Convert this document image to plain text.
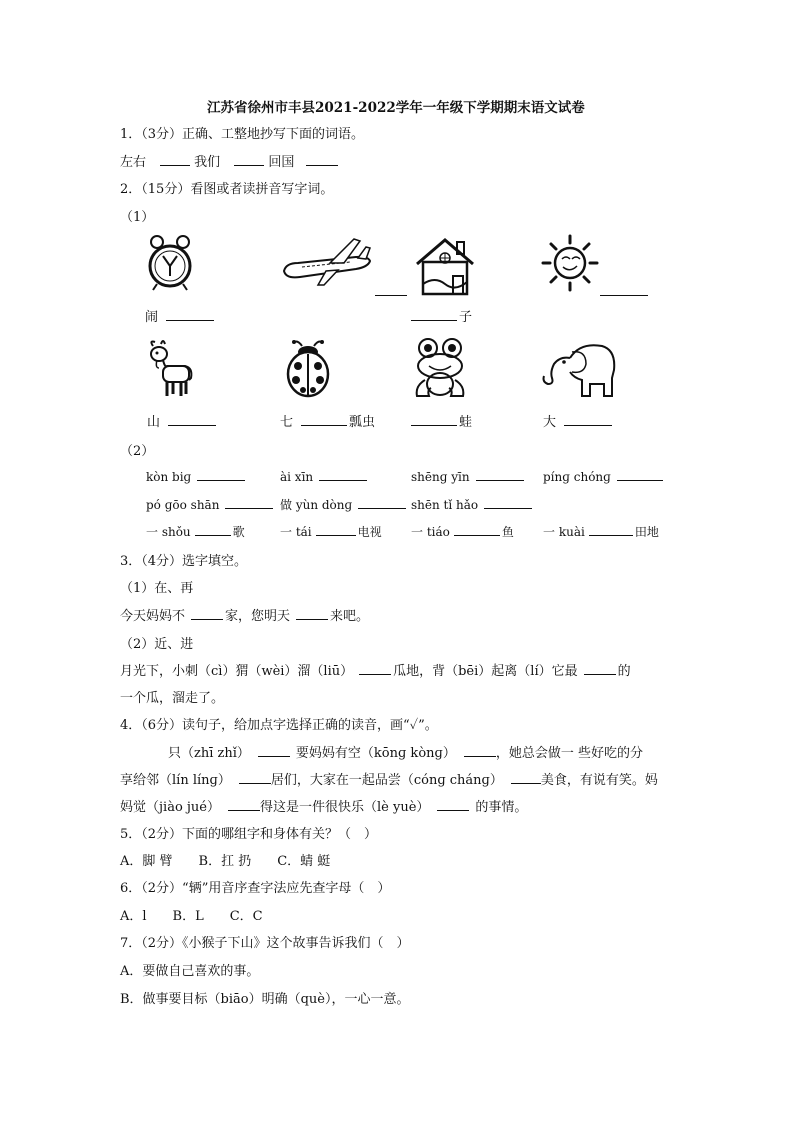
江苏省徐州市丰县2021-2022学年一年级下学期期末语文试卷
1．（3分）正确、工整地抄写下面的词语。
左右	我们	回国
2．（15分）看图或者读拼音写字词。
（1）
闹	子
山	七	瓢虫	蛙	大
（2）
kòn biɡ	ài xīn	shēnɡ yīn	pínɡ chónɡ
pó ɡōo shān	做 yùn dònɡ	shēn tǐ hǎo
一 shǒu	歌	一 tái	电视 一 tiáo	鱼 一 kuài	田地
3．（4分）选字填空。
（1）在、再
今天妈妈不	家，您明天	来吧。
（2）近、进
月光下，小刺（cì）猬（wèi）溜（liū）	瓜地，背（bēi）起离（lí）它最	的
一个瓜，溜走了。
4．（6分）读句子，给加点字选择正确的读音，画“✓”。
只（zhī zhǐ）	要妈妈有空（kōnɡ kònɡ）	，她总会做一 些好吃的分
享给邻（lín línɡ）	居们，大家在一起品尝（cónɡ chánɡ）	美食，有说有笑。妈
妈觉（jiào jué）	得这是一件很快乐（lè yuè）	的事情。
5．（2分）下面的哪组字和身体有关？（　）
A．脚 臂　　B．扛 扔　　C．蜻 蜓
6．（2分）“辆”用音序查字法应先查字母（　）
A．l　　B．L　　C．C
7．（2分）《小猴子下山》这个故事告诉我们（　）
A．要做自己喜欢的事。
B．做事要目标（biāo）明确（què），一心一意。
